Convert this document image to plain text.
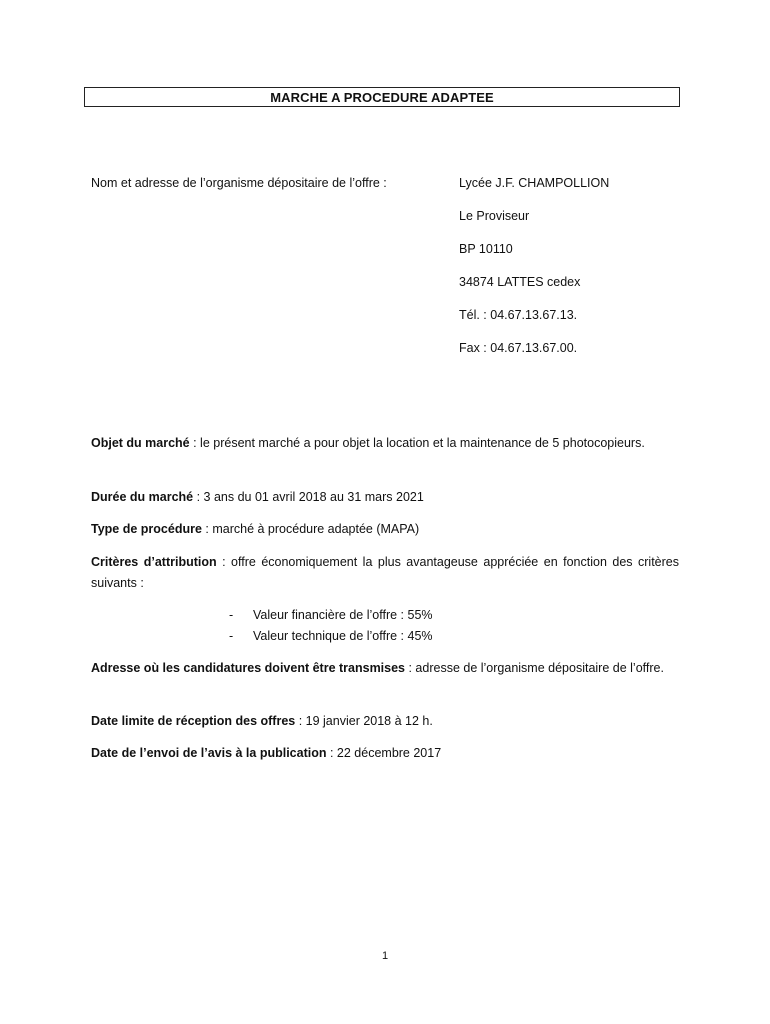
MARCHE A PROCEDURE ADAPTEE
Nom et adresse de l’organisme dépositaire de l’offre :	Lycée J.F. CHAMPOLLION
Le Proviseur
BP 10110
34874 LATTES cedex
Tél. : 04.67.13.67.13.
Fax : 04.67.13.67.00.
Objet du marché : le présent marché a pour objet la location et la maintenance de 5 photocopieurs.
Durée du marché : 3 ans du 01 avril 2018 au 31 mars 2021
Type de procédure : marché à procédure adaptée (MAPA)
Critères d’attribution : offre économiquement la plus avantageuse appréciée en fonction des critères suivants :
-	Valeur financière de l’offre : 55%
-	Valeur technique de l’offre : 45%
Adresse où les candidatures doivent être transmises : adresse de l’organisme dépositaire de l’offre.
Date limite de réception des offres : 19 janvier 2018 à 12 h.
Date de l’envoi de l’avis à la publication : 22 décembre 2017
1
